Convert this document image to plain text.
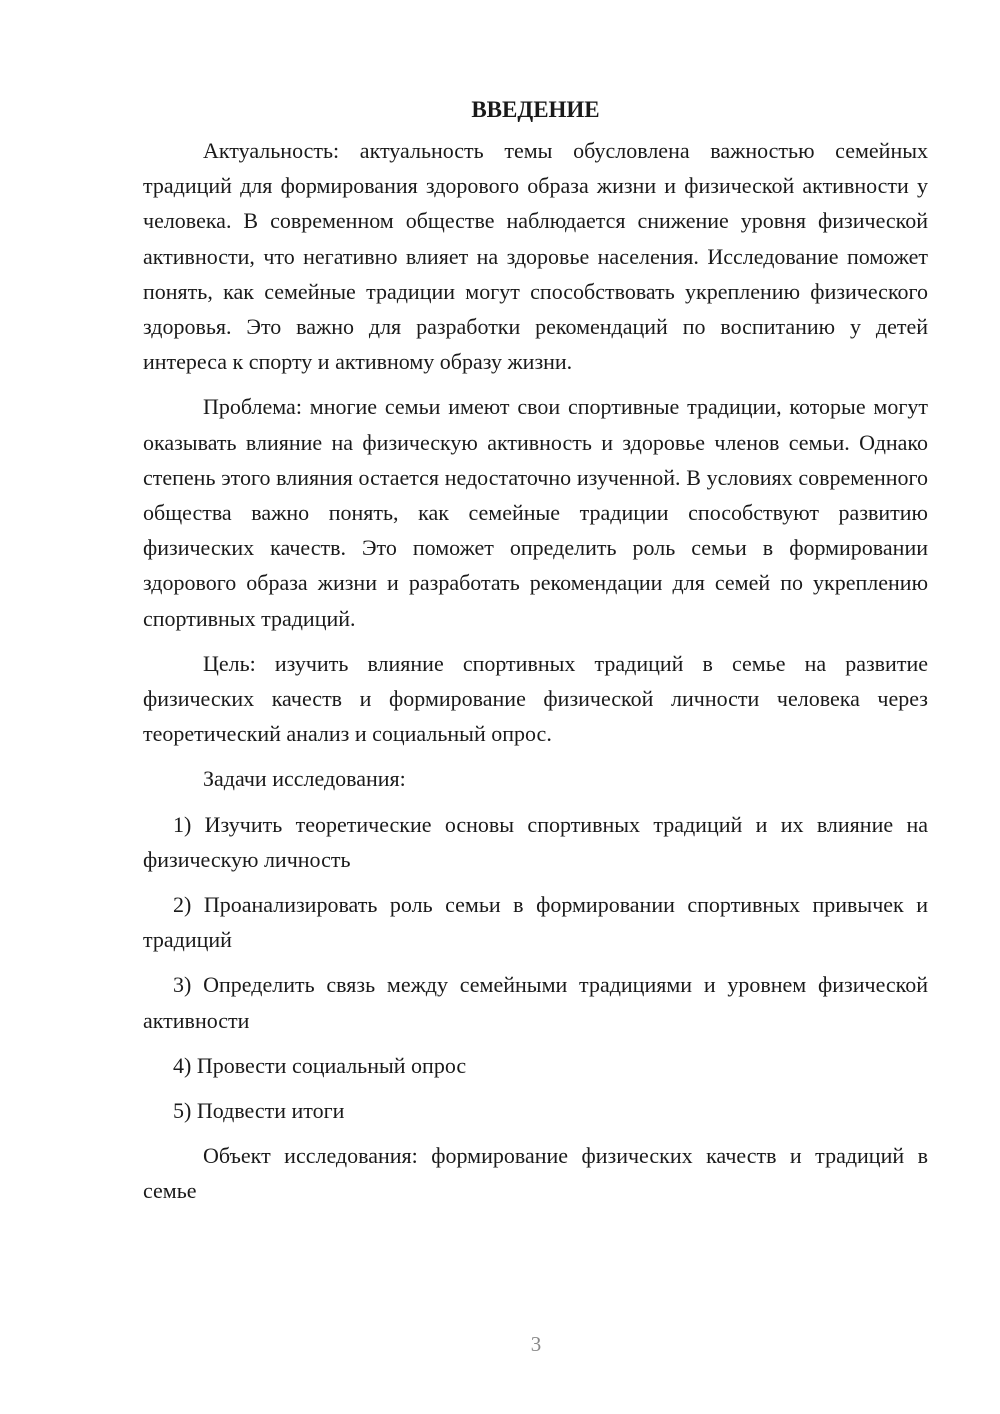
ВВЕДЕНИЕ

Актуальность: актуальность темы обусловлена важностью семейных традиций для формирования здорового образа жизни и физической активности у человека. В современном обществе наблюдается снижение уровня физической активности, что негативно влияет на здоровье населения. Исследование поможет понять, как семейные традиции могут способствовать укреплению физического здоровья. Это важно для разработки рекомендаций по воспитанию у детей интереса к спорту и активному образу жизни.

Проблема: многие семьи имеют свои спортивные традиции, которые могут оказывать влияние на физическую активность и здоровье членов семьи. Однако степень этого влияния остается недостаточно изученной. В условиях современного общества важно понять, как семейные традиции способствуют развитию физических качеств. Это поможет определить роль семьи в формировании здорового образа жизни и разработать рекомендации для семей по укреплению спортивных традиций.

Цель: изучить влияние спортивных традиций в семье на развитие физических качеств и формирование физической личности человека через теоретический анализ и социальный опрос.

Задачи исследования:

1) Изучить теоретические основы спортивных традиций и их влияние на физическую личность

2) Проанализировать роль семьи в формировании спортивных привычек и традиций

3) Определить связь между семейными традициями и уровнем физической активности

4) Провести социальный опрос

5) Подвести итоги

Объект исследования: формирование физических качеств и традиций в семье

3
